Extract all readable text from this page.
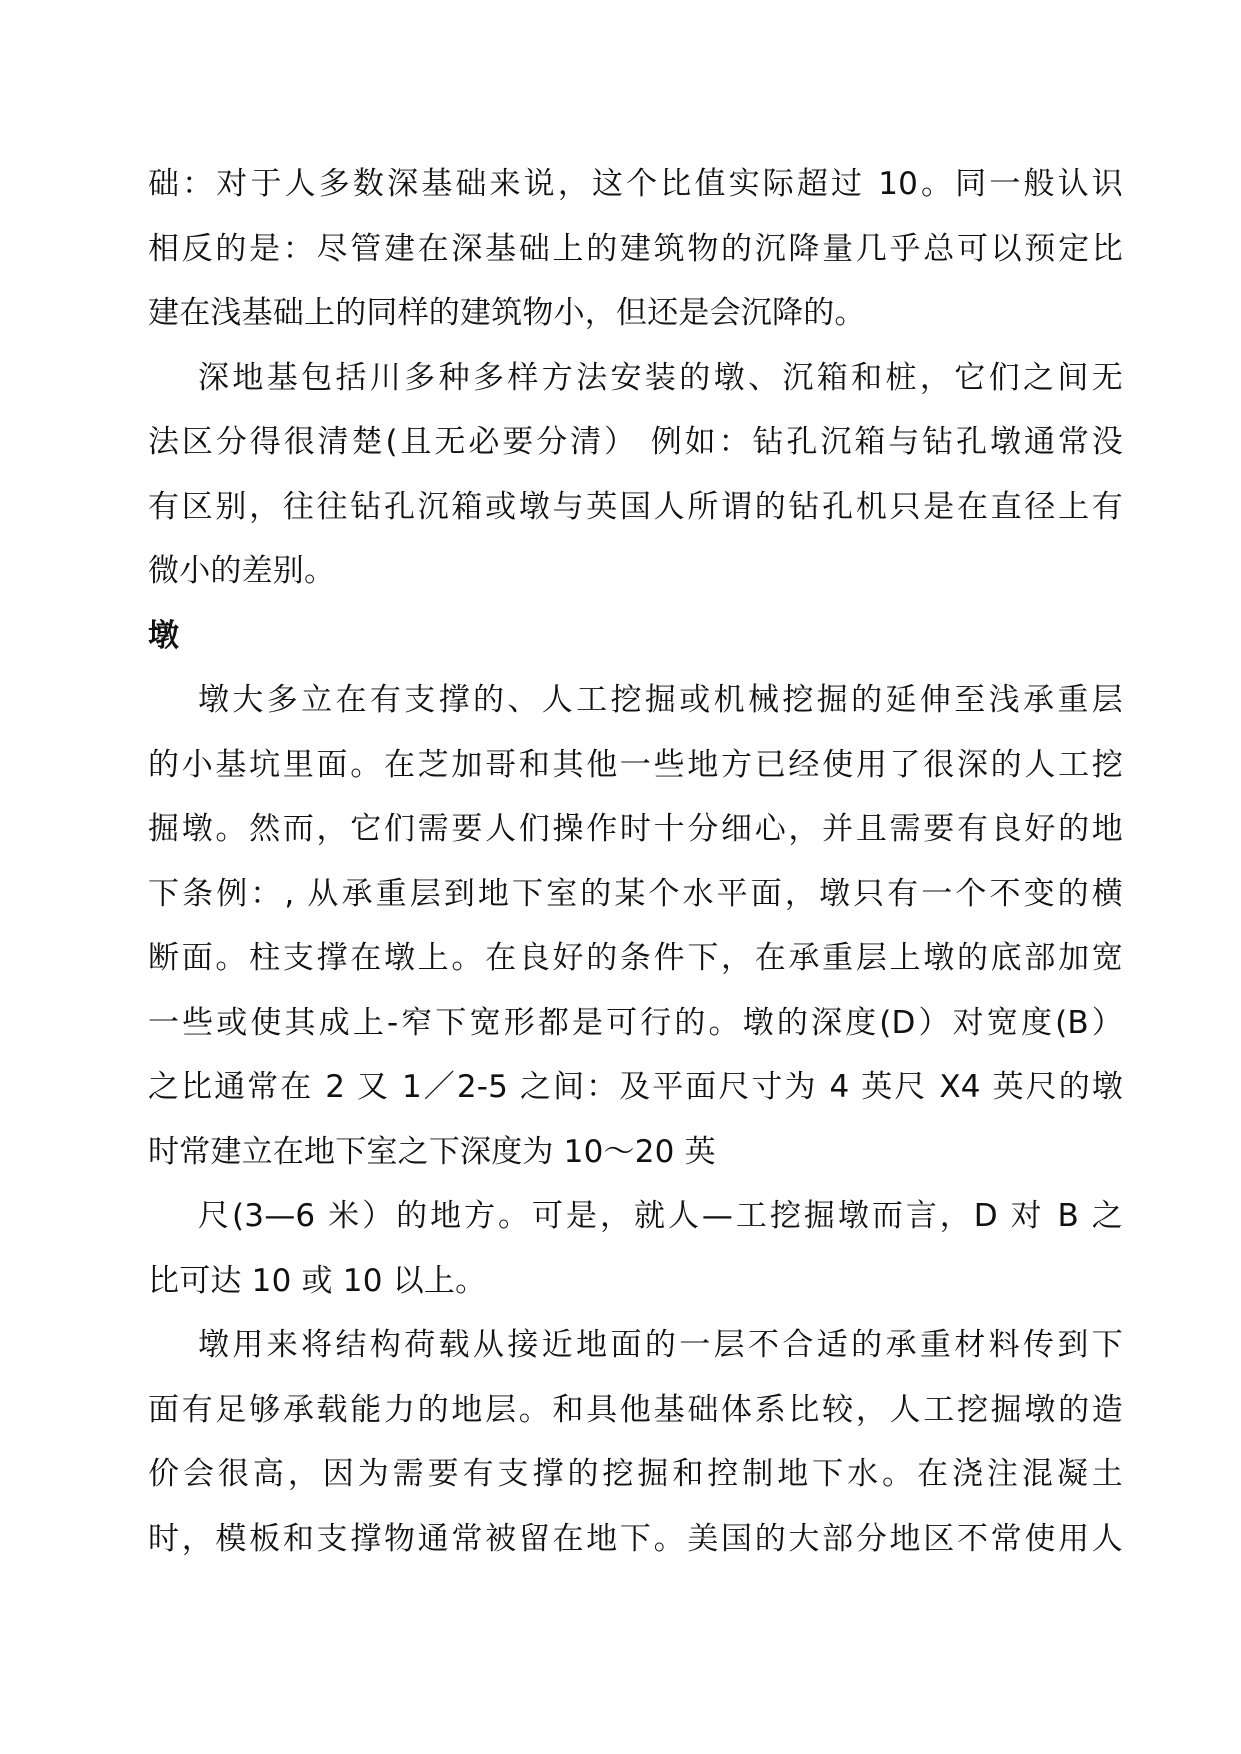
础：对于人多数深基础来说，这个比值实际超过 10。同一般认识
相反的是：尽管建在深基础上的建筑物的沉降量几乎总可以预定比
建在浅基础上的同样的建筑物小，但还是会沉降的。
深地基包括川多种多样方法安装的墩、沉箱和桩，它们之间无
法区分得很清楚(且无必要分清） 例如：钻孔沉箱与钻孔墩通常没
有区别，往往钻孔沉箱或墩与英国人所谓的钻孔机只是在直径上有
微小的差别。
墩
墩大多立在有支撑的、人工挖掘或机械挖掘的延伸至浅承重层
的小基坑里面。在芝加哥和其他一些地方已经使用了很深的人工挖
掘墩。然而，它们需要人们操作时十分细心，并且需要有良好的地
下条例：, 从承重层到地下室的某个水平面，墩只有一个不变的横
断面。柱支撑在墩上。在良好的条件下，在承重层上墩的底部加宽
一些或使其成上-窄下宽形都是可行的。墩的深度(D）对宽度(B）
之比通常在 2 又 1／2-5 之间：及平面尺寸为 4 英尺 X4 英尺的墩
时常建立在地下室之下深度为 10～20 英
尺(3—6 米）的地方。可是，就人—工挖掘墩而言，D 对 B 之
比可达 10 或 10 以上。
墩用来将结构荷载从接近地面的一层不合适的承重材料传到下
面有足够承载能力的地层。和具他基础体系比较，人工挖掘墩的造
价会很高，因为需要有支撑的挖掘和控制地下水。在浇注混凝土
时，模板和支撑物通常被留在地下。美国的大部分地区不常使用人
